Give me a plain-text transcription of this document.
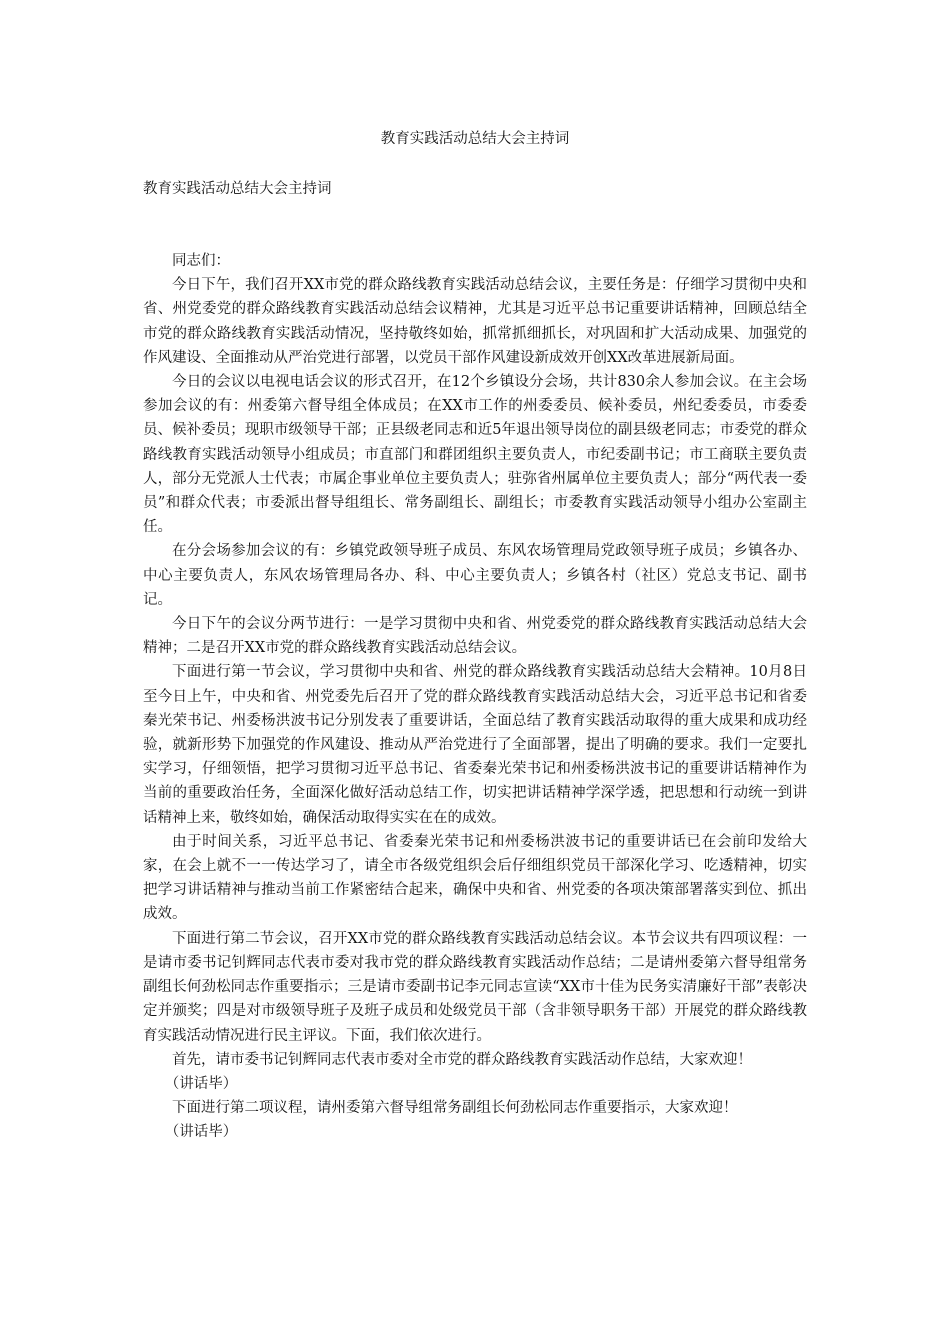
教育实践活动总结大会主持词
教育实践活动总结大会主持词

同志们：

今日下午，我们召开XX市党的群众路线教育实践活动总结会议，主要任务是：仔细学习贯彻中央和省、州党委党的群众路线教育实践活动总结会议精神，尤其是习近平总书记重要讲话精神，回顾总结全市党的群众路线教育实践活动情况，坚持敬终如始，抓常抓细抓长，对巩固和扩大活动成果、加强党的作风建设、全面推动从严治党进行部署，以党员干部作风建设新成效开创XX改革进展新局面。

今日的会议以电视电话会议的形式召开，在12个乡镇设分会场，共计830余人参加会议。在主会场参加会议的有：州委第六督导组全体成员；在XX市工作的州委委员、候补委员，州纪委委员，市委委员、候补委员；现职市级领导干部；正县级老同志和近5年退出领导岗位的副县级老同志；市委党的群众路线教育实践活动领导小组成员；市直部门和群团组织主要负责人，市纪委副书记；市工商联主要负责人，部分无党派人士代表；市属企事业单位主要负责人；驻弥省州属单位主要负责人；部分“两代表一委员”和群众代表；市委派出督导组组长、常务副组长、副组长；市委教育实践活动领导小组办公室副主任。

在分会场参加会议的有：乡镇党政领导班子成员、东风农场管理局党政领导班子成员；乡镇各办、中心主要负责人，东风农场管理局各办、科、中心主要负责人；乡镇各村（社区）党总支书记、副书记。

今日下午的会议分两节进行：一是学习贯彻中央和省、州党委党的群众路线教育实践活动总结大会精神；二是召开XX市党的群众路线教育实践活动总结会议。

下面进行第一节会议，学习贯彻中央和省、州党的群众路线教育实践活动总结大会精神。10月8日至今日上午，中央和省、州党委先后召开了党的群众路线教育实践活动总结大会，习近平总书记和省委秦光荣书记、州委杨洪波书记分别发表了重要讲话，全面总结了教育实践活动取得的重大成果和成功经验，就新形势下加强党的作风建设、推动从严治党进行了全面部署，提出了明确的要求。我们一定要扎实学习，仔细领悟，把学习贯彻习近平总书记、省委秦光荣书记和州委杨洪波书记的重要讲话精神作为当前的重要政治任务，全面深化做好活动总结工作，切实把讲话精神学深学透，把思想和行动统一到讲话精神上来，敬终如始，确保活动取得实实在在的成效。

由于时间关系，习近平总书记、省委秦光荣书记和州委杨洪波书记的重要讲话已在会前印发给大家，在会上就不一一传达学习了，请全市各级党组织会后仔细组织党员干部深化学习、吃透精神，切实把学习讲话精神与推动当前工作紧密结合起来，确保中央和省、州党委的各项决策部署落实到位、抓出成效。

下面进行第二节会议，召开XX市党的群众路线教育实践活动总结会议。本节会议共有四项议程：一是请市委书记钊辉同志代表市委对我市党的群众路线教育实践活动作总结；二是请州委第六督导组常务副组长何劲松同志作重要指示；三是请市委副书记李元同志宣读“XX市十佳为民务实清廉好干部”表彰决定并颁奖；四是对市级领导班子及班子成员和处级党员干部（含非领导职务干部）开展党的群众路线教育实践活动情况进行民主评议。下面，我们依次进行。

首先，请市委书记钊辉同志代表市委对全市党的群众路线教育实践活动作总结，大家欢迎！

（讲话毕）

下面进行第二项议程，请州委第六督导组常务副组长何劲松同志作重要指示，大家欢迎！

（讲话毕）
